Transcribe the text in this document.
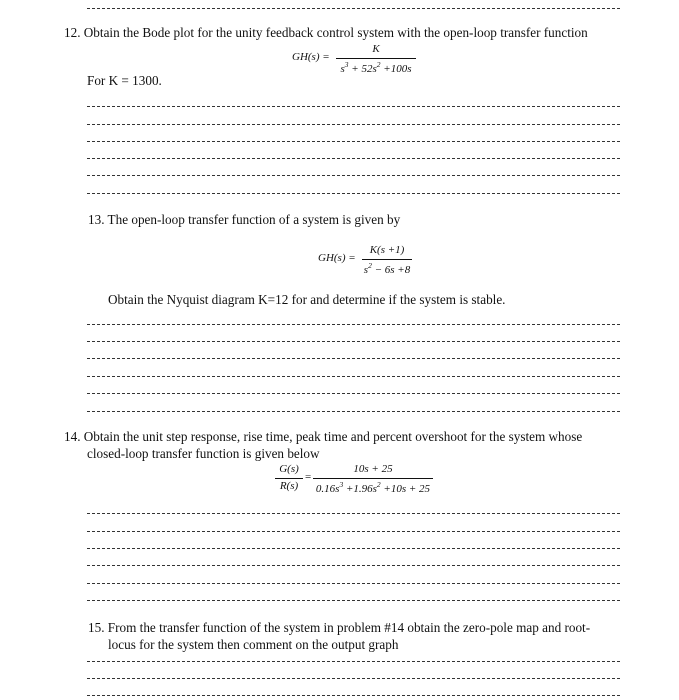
12. Obtain the Bode plot for the unity feedback control system with the open-loop transfer function
GH(s) =
K
$s^3 + 52s^2 +100s$
For K = 1300.
13. The open-loop transfer function of a system is given by
GH(s) =
K(s +1)
$s^2 - 6s +8$
Obtain the Nyquist diagram K=12 for and determine if the system is stable.
14. Obtain the unit step response, rise time, peak time and percent overshoot for the system whose
closed-loop transfer function is given below
G(s)
R(s)
=
10s + 25
$0.16s^3 +1.96s^2 +10s + 25$
15. From the transfer function of the system in problem #14 obtain the zero-pole map and root-
locus for the system then comment on the output graph
